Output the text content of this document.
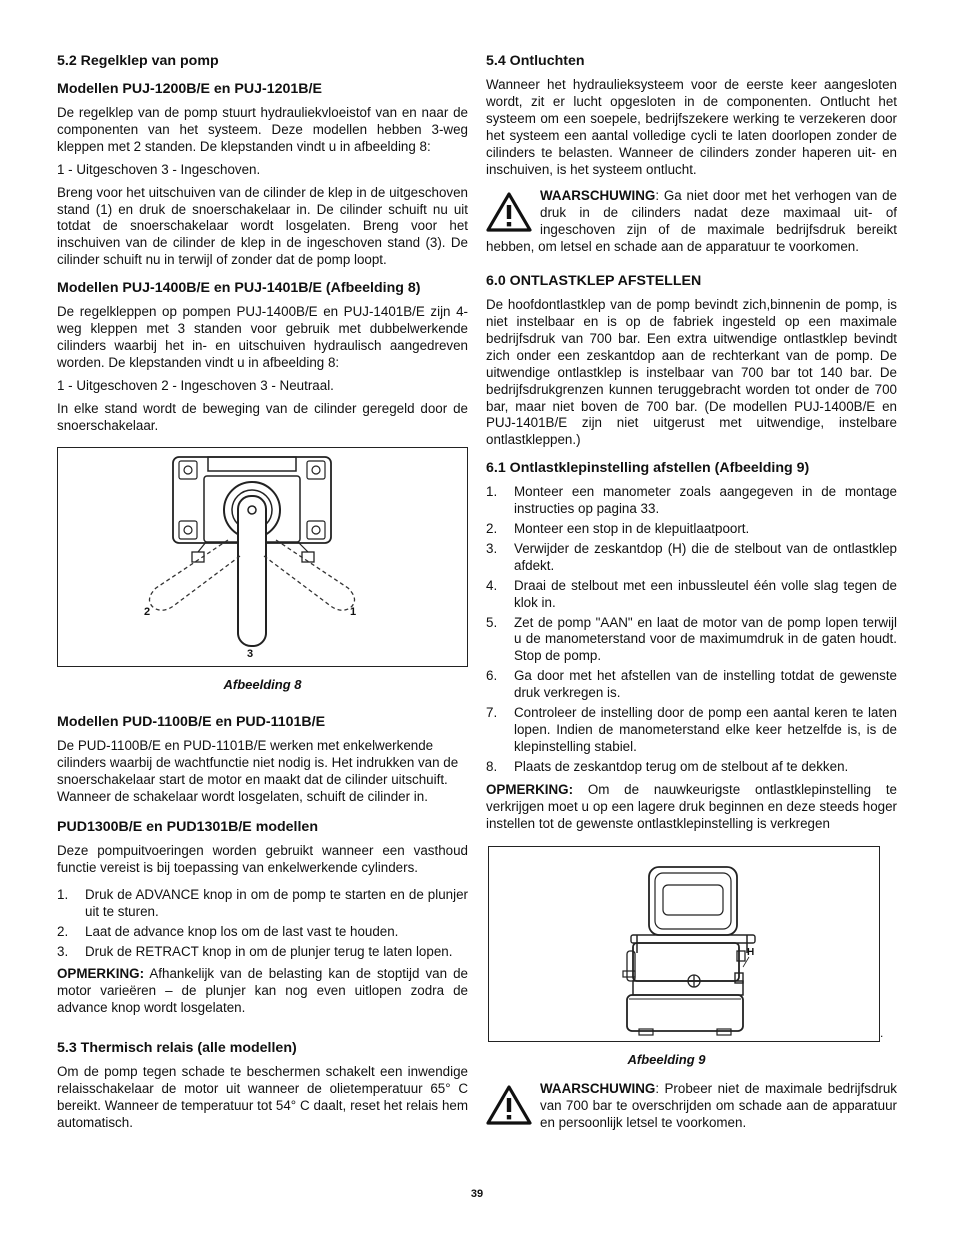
5.2 Regelklep van pomp
Modellen PUJ-1200B/E en PUJ-1201B/E

De regelklep van de pomp stuurt hydrauliekvloeistof van en naar de componenten van het systeem. Deze modellen hebben 3-weg kleppen met 2 standen. De klepstanden vindt u in afbeelding 8:

1 - Uitgeschoven 3 - Ingeschoven.

Breng voor het uitschuiven van de cilinder de klep in de uitgeschoven stand (1) en druk de snoerschakelaar in. De cilinder schuift nu uit totdat de snoerschakelaar wordt losgelaten. Breng voor het inschuiven van de cilinder de klep in de ingeschoven stand (3). De cilinder schuift nu in terwijl of zonder dat de pomp loopt.

Modellen PUJ-1400B/E en PUJ-1401B/E (Afbeelding 8)

De regelkleppen op pompen PUJ-1400B/E en PUJ-1401B/E zijn 4-weg kleppen met 3 standen voor gebruik met dubbelwerkende cilinders waarbij het in- en uitschuiven hydraulisch aangedreven worden. De klepstanden vindt u in afbeelding 8:

1 - Uitgeschoven 2 - Ingeschoven 3 - Neutraal.

In elke stand wordt de beweging van de cilinder geregeld door de snoerschakelaar.

2	1
3

Afbeelding 8

Modellen PUD-1100B/E en PUD-1101B/E

De PUD-1100B/E en PUD-1101B/E werken met enkelwerkende cilinders waarbij de wachtfunctie niet nodig is. Het indrukken van de snoerschakelaar start de motor en maakt dat de cilinder uitschuift. Wanneer de schakelaar wordt losgelaten, schuift de cilinder in.

PUD1300B/E en PUD1301B/E modellen

Deze pompuitvoeringen worden gebruikt wanneer een vasthoud functie vereist is bij toepassing van enkelwerkende cylinders.

1. Druk de ADVANCE knop in om de pomp te starten en de plunjer uit te sturen.
2. Laat de advance knop los om de last vast te houden.
3. Druk de RETRACT knop in om de plunjer terug te laten lopen.

OPMERKING: Afhankelijk van de belasting kan de stoptijd van de motor varieëren – de plunjer kan nog even uitlopen zodra de advance knop wordt losgelaten.

5.3 Thermisch relais (alle modellen)

Om de pomp tegen schade te beschermen schakelt een inwendige relaisschakelaar de motor uit wanneer de olietemperatuur 65° C bereikt. Wanneer de temperatuur tot 54° C daalt, reset het relais hem automatisch.

5.4 Ontluchten

Wanneer het hydraulieksysteem voor de eerste keer aangesloten wordt, zit er lucht opgesloten in de componenten. Ontlucht het systeem om een soepele, bedrijfszekere werking te verzekeren door het systeem een aantal volledige cycli te laten doorlopen zonder de cilinders te belasten. Wanneer de cilinders zonder haperen uit- en inschuiven, is het systeem ontlucht.

WAARSCHUWING: Ga niet door met het verhogen van de druk in de cilinders nadat deze maximaal uit- of ingeschoven zijn of de maximale bedrijfsdruk bereikt hebben, om letsel en schade aan de apparatuur te voorkomen.
6.0 ONTLASTKLEP AFSTELLEN

De hoofdontlastklep van de pomp bevindt zich,binnenin de pomp, is niet instelbaar en is op de fabriek ingesteld op een maximale bedrijfsdruk van 700 bar. Een extra uitwendige ontlastklep bevindt zich onder een zeskantdop aan de rechterkant van de pomp. De uitwendige ontlastklep is instelbaar van 700 bar tot 140 bar. De bedrijfsdrukgrenzen kunnen teruggebracht worden tot onder de 700 bar, maar niet boven de 700 bar. (De modellen PUJ-1400B/E en PUJ-1401B/E zijn niet uitgerust met uitwendige, instelbare ontlastkleppen.)

6.1 Ontlastklepinstelling afstellen (Afbeelding 9)
1. Monteer een manometer zoals aangegeven in de montage instructies op pagina 33.
2. Monteer een stop in de klepuitlaatpoort.
3. Verwijder de zeskantdop (H) die de stelbout van de ontlastklep afdekt.
4. Draai de stelbout met een inbussleutel één volle slag tegen de klok in.
5. Zet de pomp "AAN" en laat de motor van de pomp lopen terwijl u de manometerstand voor de maximumdruk in de gaten houdt. Stop de pomp.
6. Ga door met het afstellen van de instelling totdat de gewenste druk verkregen is.
7. Controleer de instelling door de pomp een aantal keren te laten lopen. Indien de manometerstand elke keer hetzelfde is, is de klepinstelling stabiel.
8. Plaats de zeskantdop terug om de stelbout af te dekken.

OPMERKING: Om de nauwkeurigste ontlastklepinstelling te verkrijgen moet u op een lagere druk beginnen en deze steeds hoger instellen tot de gewenste ontlastklepinstelling is verkregen

H
.

Afbeelding 9

WAARSCHUWING: Probeer niet de maximale bedrijfsdruk van 700 bar te overschrijden om schade aan de apparatuur en persoonlijk letsel te voorkomen.
39
